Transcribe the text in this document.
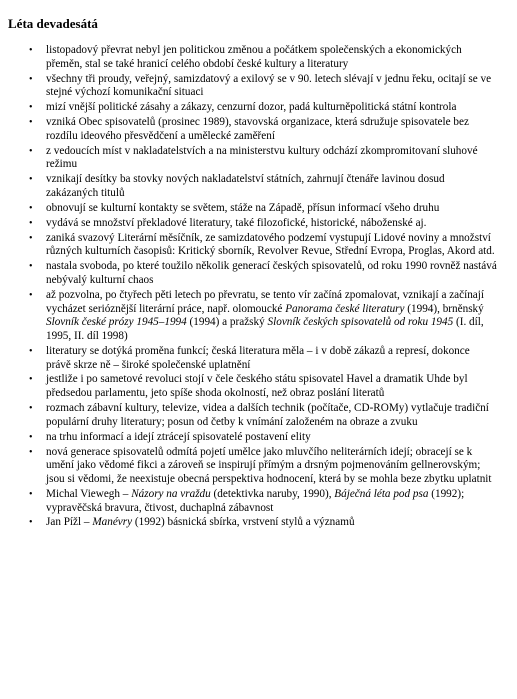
Léta devadesátá
• listopadový převrat nebyl jen politickou změnou a počátkem společenských a ekonomických přeměn, stal se také hranicí celého období české kultury a literatury
• všechny tři proudy, veřejný, samizdatový a exilový se v 90. letech slévají v jednu řeku, ocitají se ve stejné výchozí komunikační situaci
• mizí vnější politické zásahy a zákazy, cenzurní dozor, padá kulturněpolitická státní kontrola
• vzniká Obec spisovatelů (prosinec 1989), stavovská organizace, která sdružuje spisovatele bez rozdílu ideového přesvědčení a umělecké zaměření
• z vedoucích míst v nakladatelstvích a na ministerstvu kultury odchází zkompromitovaní sluhové režimu
• vznikají desítky ba stovky nových nakladatelství státních, zahrnují čtenáře lavinou dosud zakázaných titulů
• obnovují se kulturní kontakty se světem, stáže na Západě, přísun informací všeho druhu
• vydává se množství překladové literatury, také filozofické, historické, náboženské aj.
• zaniká svazový Literární měsíčník, ze samizdatového podzemí vystupují Lidové noviny a množství různých kulturních časopisů: Kritický sborník, Revolver Revue, Střední Evropa, Proglas, Akord atd.
• nastala svoboda, po které toužilo několik generací českých spisovatelů, od roku 1990 rovněž nastává nebývalý kulturní chaos
• až pozvolna, po čtyřech pěti letech po převratu, se tento vír začíná zpomalovat, vznikají a začínají vycházet serióznější literární práce, např. olomoucké Panorama české literatury (1994), brněnský Slovník české prózy 1945–1994 (1994) a pražský Slovník českých spisovatelů od roku 1945 (I. díl, 1995, II. díl 1998)
• literatury se dotýká proměna funkcí; česká literatura měla – i v době zákazů a represí, dokonce právě skrze ně – široké společenské uplatnění
• jestliže i po sametové revoluci stojí v čele českého státu spisovatel Havel a dramatik Uhde byl předsedou parlamentu, jeto spíše shoda okolností, než obraz poslání literatů
• rozmach zábavní kultury, televize, videa a dalších technik (počítače, CD-ROMy) vytlačuje tradiční populární druhy literatury; posun od četby k vnímání založeném na obraze a zvuku
• na trhu informací a idejí ztrácejí spisovatelé postavení elity
• nová generace spisovatelů odmítá pojetí umělce jako mluvčího neliterárních idejí; obracejí se k umění jako vědomé fikci a zároveň se inspirují přímým a drsným pojmenováním gellnerovským; jsou si vědomi, že neexistuje obecná perspektiva hodnocení, která by se mohla beze zbytku uplatnit
• Michal Viewegh – Názory na vraždu (detektivka naruby, 1990), Báječná léta pod psa (1992); vypravěčská bravura, čtivost, duchaplná zábavnost
• Jan Pížl – Manévry (1992) básnická sbírka, vrstvení stylů a významů
